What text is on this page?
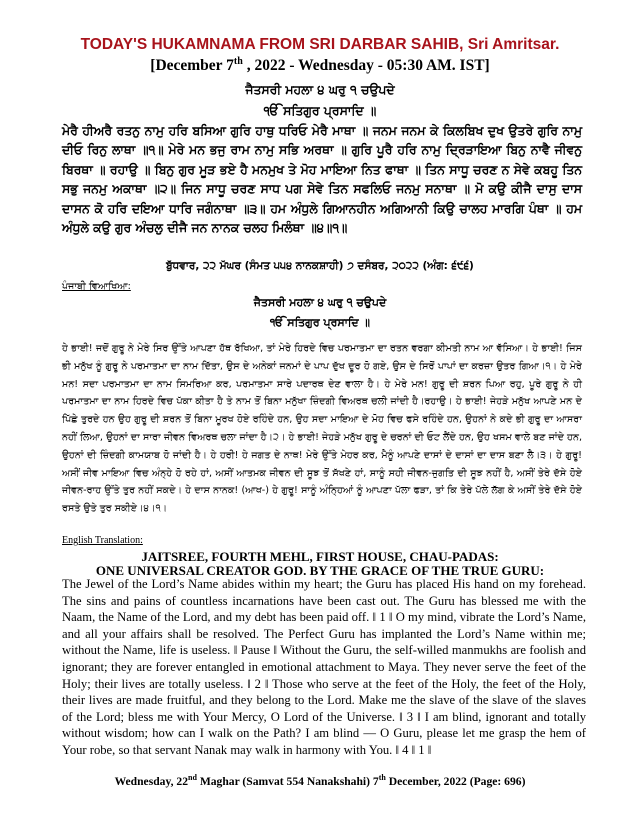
TODAY'S HUKAMNAMA FROM SRI DARBAR SAHIB, Sri Amritsar.
[December 7th , 2022 - Wednesday - 05:30 AM. IST]
ਜੈਤਸਰੀ ਮਹਲਾ ੪ ਘਰੁ ੧ ਚਉਪਦੇ
ੴ ਸਤਿਗੁਰ ਪ੍ਰਸਾਦਿ ॥
ਮੇਰੈ ਹੀਅਰੈ ਰਤਨੁ ਨਾਮੁ ਹਰਿ ਬਸਿਆ ਗੁਰਿ ਹਾਥੁ ਧਰਿਓ ਮੇਰੈ ਮਾਥਾ ॥ ਜਨਮ ਜਨਮ ਕੇ ਕਿਲਬਿਖ ਦੁਖ ਉਤਰੇ ਗੁਰਿ ਨਾਮੁ ਦੀਓ ਰਿਨੁ ਲਾਥਾ ॥੧॥ ਮੇਰੇ ਮਨ ਭਜੁ ਰਾਮ ਨਾਮੁ ਸਭਿ ਅਰਥਾ ॥ ਗੁਰਿ ਪੂਰੈ ਹਰਿ ਨਾਮੁ ਦ੍ਰਿੜਾਇਆ ਬਿਨੁ ਨਾਵੈ ਜੀਵਨੁ ਬਿਰਥਾ ॥ ਰਹਾਉ ॥ ਬਿਨੁ ਗੁਰ ਮੂੜ ਭਏ ਹੈ ਮਨਮੁਖ ਤੇ ਮੋਹ ਮਾਇਆ ਨਿਤ ਫਾਥਾ ॥ ਤਿਨ ਸਾਧੂ ਚਰਣ ਨ ਸੇਵੇ ਕਬਹੂ ਤਿਨ ਸਭੁ ਜਨਮੁ ਅਕਾਥਾ ॥੨॥ ਜਿਨ ਸਾਧੂ ਚਰਣ ਸਾਧ ਪਗ ਸੇਵੇ ਤਿਨ ਸਫਲਿਓ ਜਨਮੁ ਸਨਾਥਾ ॥ ਮੋ ਕਉ ਕੀਜੈ ਦਾਸੁ ਦਾਸ ਦਾਸਨ ਕੋ ਹਰਿ ਦਇਆ ਧਾਰਿ ਜਗੰਨਾਥਾ ॥੩॥ ਹਮ ਅੰਧੁਲੇ ਗਿਆਨਹੀਨ ਅਗਿਆਨੀ ਕਿਉ ਚਾਲਹ ਮਾਰਗਿ ਪੰਥਾ ॥ ਹਮ ਅੰਧੁਲੇ ਕਉ ਗੁਰ ਅੰਚਲੁ ਦੀਜੈ ਜਨ ਨਾਨਕ ਚਲਹ ਮਿਲੰਥਾ ॥੪॥੧॥
ਬੁੱਧਵਾਰ, ੨੨ ਮੱਘਰ (ਸੰਮਤ ੫੫੪ ਨਾਨਕਸ਼ਾਹੀ) ੭ ਦਸੰਬਰ, ੨੦੨੨ (ਅੰਗ: ੬੯੬)
ਪੰਜਾਬੀ ਵਿਆਖਿਆ:
ਜੈਤਸਰੀ ਮਹਲਾ ੪ ਘਰੁ ੧ ਚਉਪਦੇ
ੴ ਸਤਿਗੁਰ ਪ੍ਰਸਾਦਿ ॥
ਹੇ ਭਾਈ! ਜਦੋਂ ਗੁਰੂ ਨੇ ਮੇਰੇ ਸਿਰ ਉੱਤੇ ਆਪਣਾ ਹੱਥ ਰੱਖਿਆ, ਤਾਂ ਮੇਰੇ ਹਿਰਦੇ ਵਿਚ ਪਰਮਾਤਮਾ ਦਾ ਰਤਨ ਵਰਗਾ ਕੀਮਤੀ ਨਾਮ ਆ ਵੱਸਿਆ। ਹੇ ਭਾਈ! ਜਿਸ ਭੀ ਮਨੁੱਖ ਨੂੰ ਗੁਰੂ ਨੇ ਪਰਮਾਤਮਾ ਦਾ ਨਾਮ ਦਿੱਤਾ, ਉਸ ਦੇ ਅਨੇਕਾਂ ਜਨਮਾਂ ਦੇ ਪਾਪ ਦੁੱਖ ਦੂਰ ਹੋ ਗਏ, ਉਸ ਦੇ ਸਿਰੋਂ ਪਾਪਾਂ ਦਾ ਕਰਜ਼ਾ ਉਤਰ ਗਿਆ।੧। ਹੇ ਮੇਰੇ ਮਨ! ਸਦਾ ਪਰਮਾਤਮਾ ਦਾ ਨਾਮ ਸਿਮਰਿਆ ਕਰ, ਪਰਮਾਤਮਾ ਸਾਰੇ ਪਦਾਰਥ ਦੇਣ ਵਾਲਾ ਹੈ। ਹੇ ਮੇਰੇ ਮਨ! ਗੁਰੂ ਦੀ ਸ਼ਰਨ ਪਿਆ ਰਹੁ, ਪੂਰੇ ਗੁਰੂ ਨੇ ਹੀ ਪਰਮਾਤਮਾ ਦਾ ਨਾਮ ਹਿਰਦੇ ਵਿਚ ਪੱਕਾ ਕੀਤਾ ਹੈ ਤੇ ਨਾਮ ਤੋਂ ਬਿਨਾ ਮਨੁੱਖਾ ਜ਼ਿੰਦਗੀ ਵਿਅਰਥ ਚਲੀ ਜਾਂਦੀ ਹੈ।ਰਹਾਉ। ਹੇ ਭਾਈ! ਜੇਹੜੇ ਮਨੁੱਖ ਆਪਣੇ ਮਨ ਦੇ ਪਿੱਛੇ ਤੁਰਦੇ ਹਨ ਉਹ ਗੁਰੂ ਦੀ ਸ਼ਰਨ ਤੋਂ ਬਿਨਾ ਮੂਰਖ ਹੋਏ ਰਹਿੰਦੇ ਹਨ, ਉਹ ਸਦਾ ਮਾਇਆ ਦੇ ਮੋਹ ਵਿਚ ਫਸੇ ਰਹਿੰਦੇ ਹਨ, ਉਹਨਾਂ ਨੇ ਕਦੇ ਭੀ ਗੁਰੂ ਦਾ ਆਸਰਾ ਨਹੀਂ ਲਿਆ, ਉਹਨਾਂ ਦਾ ਸਾਰਾ ਜੀਵਨ ਵਿਅਰਥ ਚਲਾ ਜਾਂਦਾ ਹੈ।੨। ਹੇ ਭਾਈ! ਜੇਹੜੇ ਮਨੁੱਖ ਗੁਰੂ ਦੇ ਚਰਨਾਂ ਦੀ ਓਟ ਲੈਂਦੇ ਹਨ, ਉਹ ਖਸਮ ਵਾਲੇ ਬਣ ਜਾਂਦੇ ਹਨ, ਉਹਨਾਂ ਦੀ ਜ਼ਿੰਦਗੀ ਕਾਮਯਾਬ ਹੋ ਜਾਂਦੀ ਹੈ। ਹੇ ਹਰੀ! ਹੇ ਜਗਤ ਦੇ ਨਾਥ! ਮੇਰੇ ਉੱਤੇ ਮੇਹਰ ਕਰ, ਮੈਨੂੰ ਆਪਣੇ ਦਾਸਾਂ ਦੇ ਦਾਸਾਂ ਦਾ ਦਾਸ ਬਣਾ ਲੈ।੩। ਹੇ ਗੁਰੂ! ਅਸੀਂ ਜੀਵ ਮਾਇਆ ਵਿਚ ਅੰਨ੍ਹੇ ਹੋ ਰਹੇ ਹਾਂ, ਅਸੀਂ ਆਤਮਕ ਜੀਵਨ ਦੀ ਸੂਝ ਤੋਂ ਸੱਖਣੇ ਹਾਂ, ਸਾਨੂੰ ਸਹੀ ਜੀਵਨ-ਜੁਗਤਿ ਦੀ ਸੂਝ ਨਹੀਂ ਹੈ, ਅਸੀਂ ਤੇਰੇ ਦੱਸੇ ਹੋਏ ਜੀਵਨ-ਰਾਹ ਉੱਤੇ ਤੁਰ ਨਹੀਂ ਸਕਦੇ। ਹੇ ਦਾਸ ਨਾਨਕ! (ਆਖ-) ਹੇ ਗੁਰੂ! ਸਾਨੂੰ ਅੰਨ੍ਹਿਆਂ ਨੂੰ ਆਪਣਾ ਪੱਲਾ ਫੜਾ, ਤਾਂ ਕਿ ਤੇਰੇ ਪੱਲੇ ਲੱਗ ਕੇ ਅਸੀਂ ਤੇਰੇ ਦੱਸੇ ਹੋਏ ਰਸਤੇ ਉਤੇ ਤੁਰ ਸਕੀਏ।੪।੧।
English Translation:
JAITSREE, FOURTH MEHL, FIRST HOUSE, CHAU-PADAS:
ONE UNIVERSAL CREATOR GOD. BY THE GRACE OF THE TRUE GURU:
The Jewel of the Lord’s Name abides within my heart; the Guru has placed His hand on my forehead. The sins and pains of countless incarnations have been cast out. The Guru has blessed me with the Naam, the Name of the Lord, and my debt has been paid off. ‖ 1 ‖ O my mind, vibrate the Lord’s Name, and all your affairs shall be resolved. The Perfect Guru has implanted the Lord’s Name within me; without the Name, life is useless. ‖ Pause ‖ Without the Guru, the self-willed manmukhs are foolish and ignorant; they are forever entangled in emotional attachment to Maya. They never serve the feet of the Holy; their lives are totally useless. ‖ 2 ‖ Those who serve at the feet of the Holy, the feet of the Holy, their lives are made fruitful, and they belong to the Lord. Make me the slave of the slave of the slaves of the Lord; bless me with Your Mercy, O Lord of the Universe. ‖ 3 ‖ I am blind, ignorant and totally without wisdom; how can I walk on the Path? I am blind — O Guru, please let me grasp the hem of Your robe, so that servant Nanak may walk in harmony with You. ‖ 4 ‖ 1 ‖
Wednesday, 22nd Maghar (Samvat 554 Nanakshahi) 7th December, 2022 (Page: 696)
